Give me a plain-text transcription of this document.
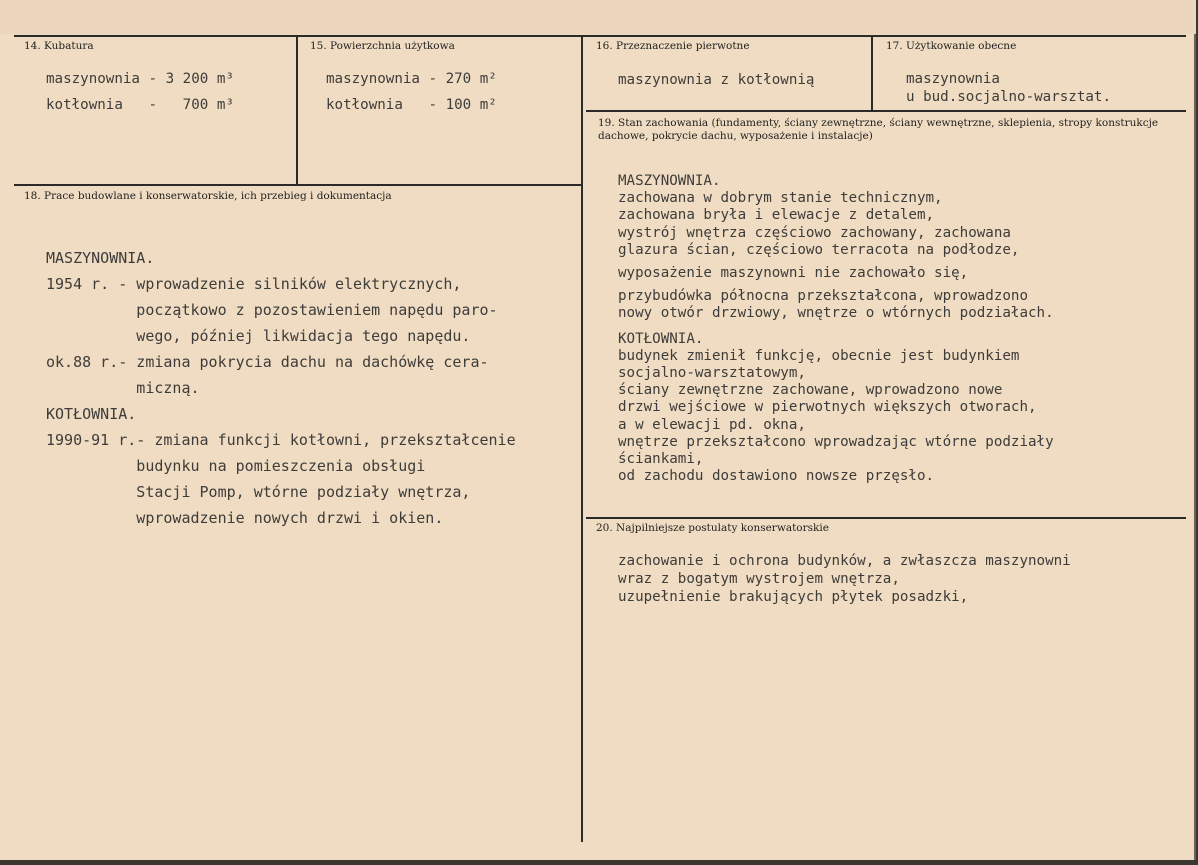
14. Kubatura
maszynownia - 3 200 m³
kotłownia   -   700 m³
15. Powierzchnia użytkowa
maszynownia - 270 m²
kotłownia   - 100 m²
16. Przeznaczenie pierwotne
maszynownia z kotłownią
17. Użytkowanie obecne
maszynownia
u bud.socjalno-warsztat.
18. Prace budowlane i konserwatorskie, ich przebieg i dokumentacja
MASZYNOWNIA.
1954 r. - wprowadzenie silników elektrycznych,
początkowo z pozostawieniem napędu paro-
wego, później likwidacja tego napędu.
ok.88 r.- zmiana pokrycia dachu na dachówkę cera-
miczną.
KOTŁOWNIA.
1990-91 r.- zmiana funkcji kotłowni, przekształcenie
budynku na pomieszczenia obsługi
Stacji Pomp, wtórne podziały wnętrza,
wprowadzenie nowych drzwi i okien.
19. Stan zachowania (fundamenty, ściany zewnętrzne, ściany wewnętrzne, sklepienia, stropy konstrukcje dachowe, pokrycie dachu, wyposażenie i instalacje)
MASZYNOWNIA.
zachowana w dobrym stanie technicznym,
zachowana bryła i elewacje z detalem,
wystrój wnętrza częściowo zachowany, zachowana
glazura ścian, częściowo terracota na podłodze,
wyposażenie maszynowni nie zachowało się,
przybudówka północna przekształcona, wprowadzono
nowy otwór drzwiowy, wnętrze o wtórnych podziałach.
KOTŁOWNIA.
budynek zmienił funkcję, obecnie jest budynkiem
socjalno-warsztatowym,
ściany zewnętrzne zachowane, wprowadzono nowe
drzwi wejściowe w pierwotnych większych otworach,
a w elewacji pd. okna,
wnętrze przekształcono wprowadzając wtórne podziały
ściankami,
od zachodu dostawiono nowsze przęsło.
20. Najpilniejsze postulaty konserwatorskie
zachowanie i ochrona budynków, a zwłaszcza maszynowni
wraz z bogatym wystrojem wnętrza,
uzupełnienie brakujących płytek posadzki,
